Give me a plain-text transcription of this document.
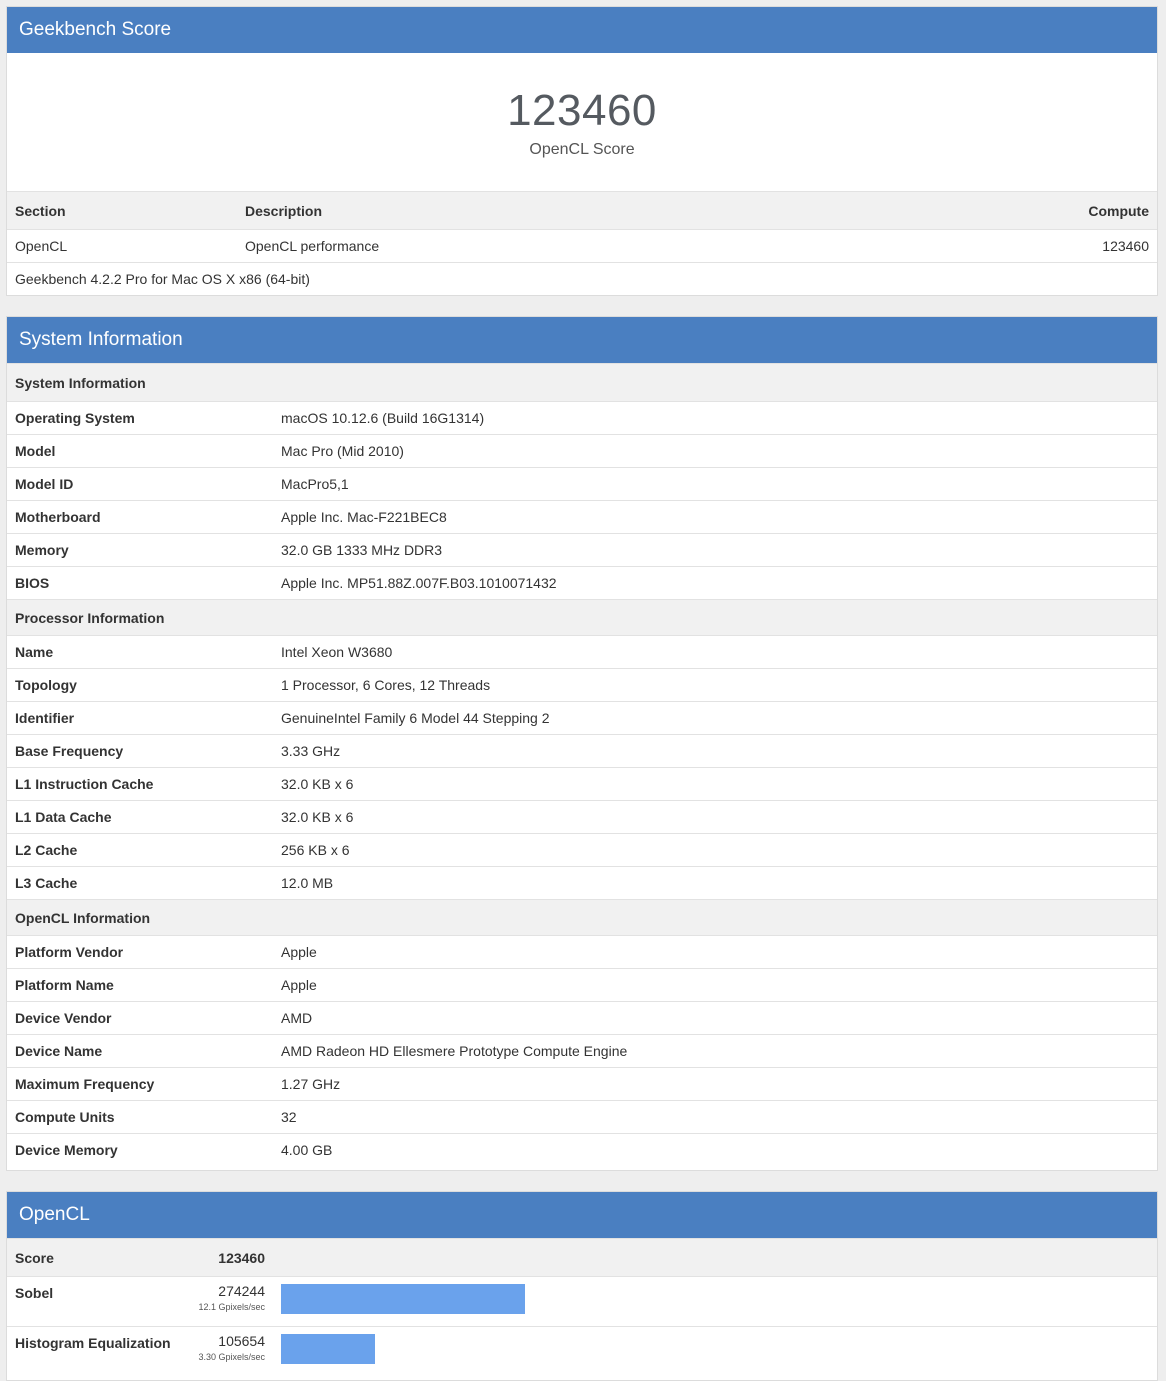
Geekbench Score
123460
OpenCL Score
Section	Description	Compute
OpenCL	OpenCL performance	123460
Geekbench 4.2.2 Pro for Mac OS X x86 (64-bit)
System Information
System Information
Operating System	macOS 10.12.6 (Build 16G1314)
Model	Mac Pro (Mid 2010)
Model ID	MacPro5,1
Motherboard	Apple Inc. Mac-F221BEC8
Memory	32.0 GB 1333 MHz DDR3
BIOS	Apple Inc. MP51.88Z.007F.B03.1010071432
Processor Information
Name	Intel Xeon W3680
Topology	1 Processor, 6 Cores, 12 Threads
Identifier	GenuineIntel Family 6 Model 44 Stepping 2
Base Frequency	3.33 GHz
L1 Instruction Cache	32.0 KB x 6
L1 Data Cache	32.0 KB x 6
L2 Cache	256 KB x 6
L3 Cache	12.0 MB
OpenCL Information
Platform Vendor	Apple
Platform Name	Apple
Device Vendor	AMD
Device Name	AMD Radeon HD Ellesmere Prototype Compute Engine
Maximum Frequency	1.27 GHz
Compute Units	32
Device Memory	4.00 GB
OpenCL
Score	123460
Sobel	274244
12.1 Gpixels/sec
Histogram Equalization	105654
3.30 Gpixels/sec
